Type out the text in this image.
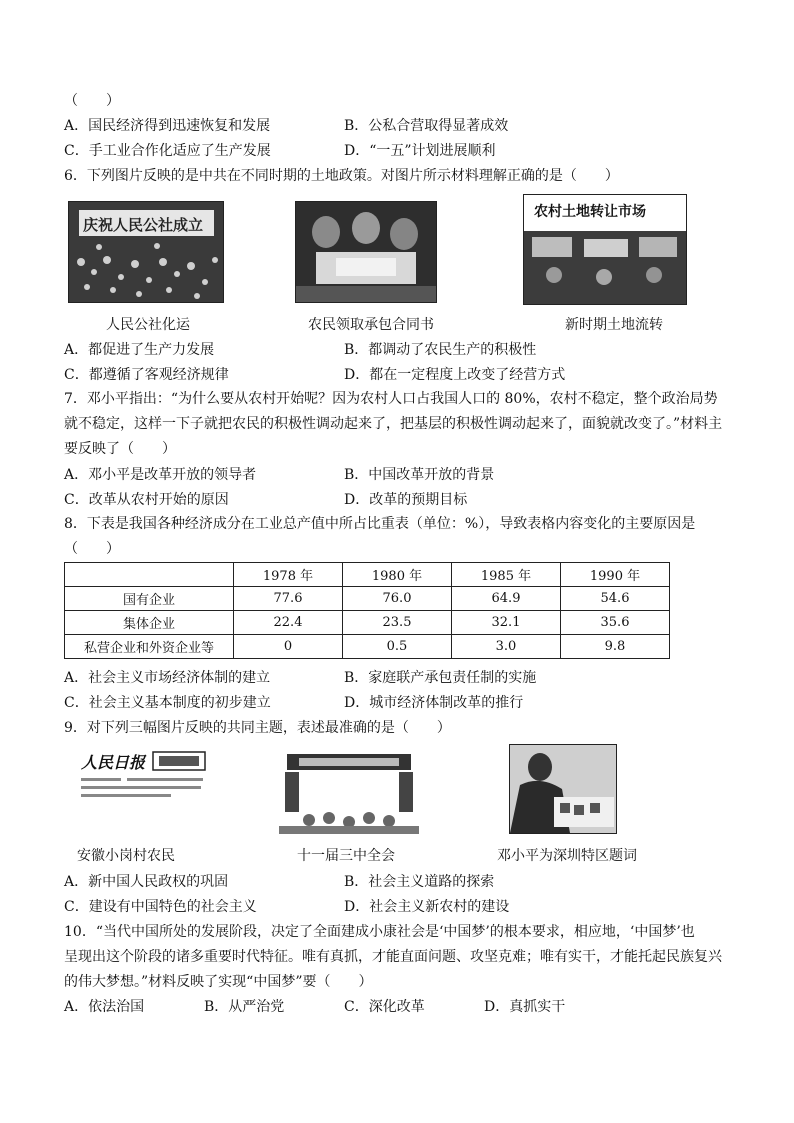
（　　）
A．国民经济得到迅速恢复和发展	B．公私合营取得显著成效
C．手工业合作化适应了生产发展	D．“一五”计划进展顺利
6．下列图片反映的是中共在不同时期的土地政策。对图片所示材料理解正确的是（　　）
庆祝人民公社成立
农村土地转让市场
人民公社化运	农民领取承包合同书	新时期土地流转
A．都促进了生产力发展	B．都调动了农民生产的积极性
C．都遵循了客观经济规律	D．都在一定程度上改变了经营方式
7．邓小平指出：“为什么要从农村开始呢？因为农村人口占我国人口的 80%，农村不稳定，整个政治局势
就不稳定，这样一下子就把农民的积极性调动起来了，把基层的积极性调动起来了，面貌就改变了。”材料主
要反映了（　　）
A．邓小平是改革开放的领导者	B．中国改革开放的背景
C．改革从农村开始的原因	D．改革的预期目标
8．下表是我国各种经济成分在工业总产值中所占比重表（单位：%），导致表格内容变化的主要原因是
（　　）
	1978 年	1980 年	1985 年	1990 年
国有企业	77.6	76.0	64.9	54.6
集体企业	22.4	23.5	32.1	35.6
私营企业和外资企业等	0	0.5	3.0	9.8
A．社会主义市场经济体制的建立	B．家庭联产承包责任制的实施
C．社会主义基本制度的初步建立	D．城市经济体制改革的推行
9．对下列三幅图片反映的共同主题，表述最准确的是（　　）
人民日报
安徽小岗村农民	十一届三中全会	邓小平为深圳特区题词
A．新中国人民政权的巩固	B．社会主义道路的探索
C．建设有中国特色的社会主义	D．社会主义新农村的建设
10．“当代中国所处的发展阶段，决定了全面建成小康社会是‘中国梦’的根本要求，相应地，‘中国梦’也
呈现出这个阶段的诸多重要时代特征。唯有真抓，才能直面问题、攻坚克难；唯有实干，才能托起民族复兴
的伟大梦想。”材料反映了实现“中国梦”要（　　）
A．依法治国	B．从严治党	C．深化改革	D．真抓实干
